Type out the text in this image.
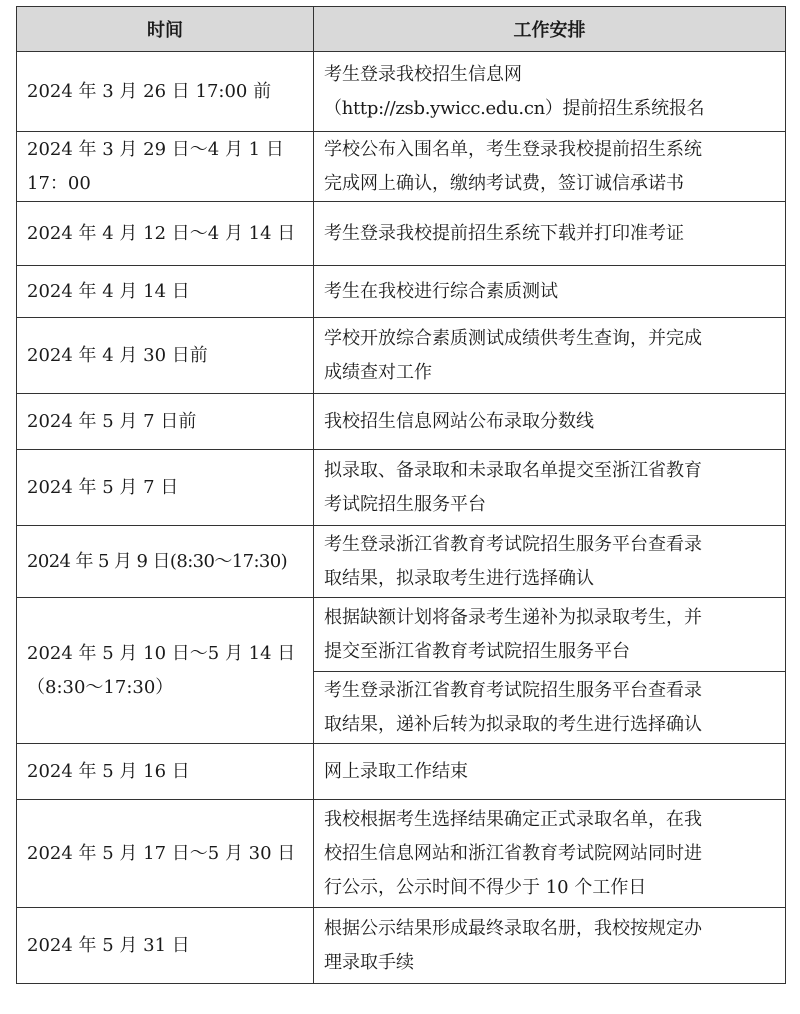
时间	工作安排

2024 年 3 月 26 日 17:00 前	考生登录我校招生信息网
（http://zsb.ywicc.edu.cn）提前招生系统报名

2024 年 3 月 29 日～4 月 1 日
17：00	学校公布入围名单，考生登录我校提前招生系统
完成网上确认，缴纳考试费，签订诚信承诺书

2024 年 4 月 12 日～4 月 14 日	考生登录我校提前招生系统下载并打印准考证

2024 年 4 月 14 日	考生在我校进行综合素质测试

2024 年 4 月 30 日前	学校开放综合素质测试成绩供考生查询，并完成
成绩查对工作

2024 年 5 月 7 日前	我校招生信息网站公布录取分数线

2024 年 5 月 7 日	拟录取、备录取和未录取名单提交至浙江省教育
考试院招生服务平台

2024 年 5 月 9 日(8:30～17:30)	考生登录浙江省教育考试院招生服务平台查看录
取结果，拟录取考生进行选择确认

2024 年 5 月 10 日～5 月 14 日
（8:30～17:30）	根据缺额计划将备录考生递补为拟录取考生，并
提交至浙江省教育考试院招生服务平台

	考生登录浙江省教育考试院招生服务平台查看录
取结果，递补后转为拟录取的考生进行选择确认

2024 年 5 月 16 日	网上录取工作结束

2024 年 5 月 17 日～5 月 30 日	我校根据考生选择结果确定正式录取名单，在我
校招生信息网站和浙江省教育考试院网站同时进
行公示，公示时间不得少于 10 个工作日

2024 年 5 月 31 日	根据公示结果形成最终录取名册，我校按规定办
理录取手续
